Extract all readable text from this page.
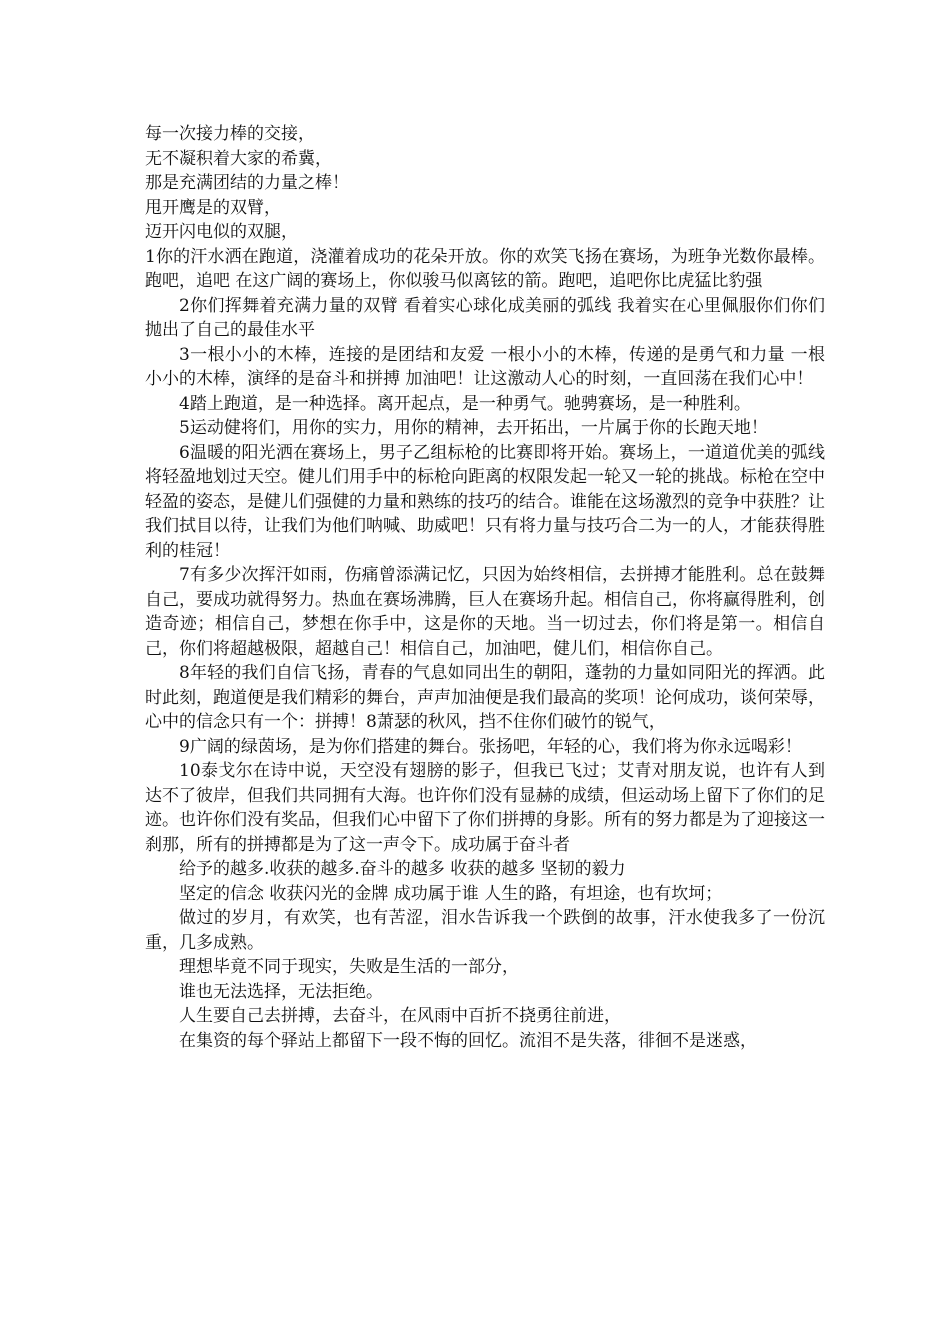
每一次接力棒的交接，

无不凝积着大家的希冀，

那是充满团结的力量之棒！

甩开鹰是的双臂，

迈开闪电似的双腿，

1你的汗水洒在跑道，浇灌着成功的花朵开放。你的欢笑飞扬在赛场，为班争光数你最棒。跑吧，追吧 在这广阔的赛场上，你似骏马似离铉的箭。跑吧，追吧你比虎猛比豹强

2你们挥舞着充满力量的双臂 看着实心球化成美丽的弧线 我着实在心里佩服你们你们抛出了自己的最佳水平

3一根小小的木棒，连接的是团结和友爱 一根小小的木棒，传递的是勇气和力量 一根小小的木棒，演绎的是奋斗和拼搏 加油吧！让这激动人心的时刻，一直回荡在我们心中！

4踏上跑道，是一种选择。离开起点，是一种勇气。驰骋赛场，是一种胜利。

5运动健将们，用你的实力，用你的精神，去开拓出，一片属于你的长跑天地！

6温暖的阳光洒在赛场上，男子乙组标枪的比赛即将开始。赛场上，一道道优美的弧线将轻盈地划过天空。健儿们用手中的标枪向距离的权限发起一轮又一轮的挑战。标枪在空中轻盈的姿态，是健儿们强健的力量和熟练的技巧的结合。谁能在这场激烈的竞争中获胜？让我们拭目以待，让我们为他们呐喊、助威吧！只有将力量与技巧合二为一的人，才能获得胜利的桂冠！

7有多少次挥汗如雨，伤痛曾添满记忆，只因为始终相信，去拼搏才能胜利。总在鼓舞自己，要成功就得努力。热血在赛场沸腾，巨人在赛场升起。相信自己，你将赢得胜利，创造奇迹；相信自己，梦想在你手中，这是你的天地。当一切过去，你们将是第一。相信自己，你们将超越极限，超越自己！相信自己，加油吧，健儿们，相信你自己。

8年轻的我们自信飞扬，青春的气息如同出生的朝阳，蓬勃的力量如同阳光的挥洒。此时此刻，跑道便是我们精彩的舞台，声声加油便是我们最高的奖项！论何成功，谈何荣辱，心中的信念只有一个：拼搏！8萧瑟的秋风，挡不住你们破竹的锐气，

9广阔的绿茵场，是为你们搭建的舞台。张扬吧，年轻的心，我们将为你永远喝彩！

10泰戈尔在诗中说，天空没有翅膀的影子，但我已飞过；艾青对朋友说，也许有人到达不了彼岸，但我们共同拥有大海。也许你们没有显赫的成绩，但运动场上留下了你们的足迹。也许你们没有奖品，但我们心中留下了你们拼搏的身影。所有的努力都是为了迎接这一刹那，所有的拼搏都是为了这一声令下。成功属于奋斗者

给予的越多.收获的越多.奋斗的越多 收获的越多 坚韧的毅力

坚定的信念 收获闪光的金牌 成功属于谁 人生的路，有坦途，也有坎坷；

做过的岁月，有欢笑，也有苦涩，泪水告诉我一个跌倒的故事，汗水使我多了一份沉重，几多成熟。

理想毕竟不同于现实，失败是生活的一部分，

谁也无法选择，无法拒绝。

人生要自己去拼搏，去奋斗，在风雨中百折不挠勇往前进，

在集资的每个驿站上都留下一段不悔的回忆。流泪不是失落，徘徊不是迷惑，
